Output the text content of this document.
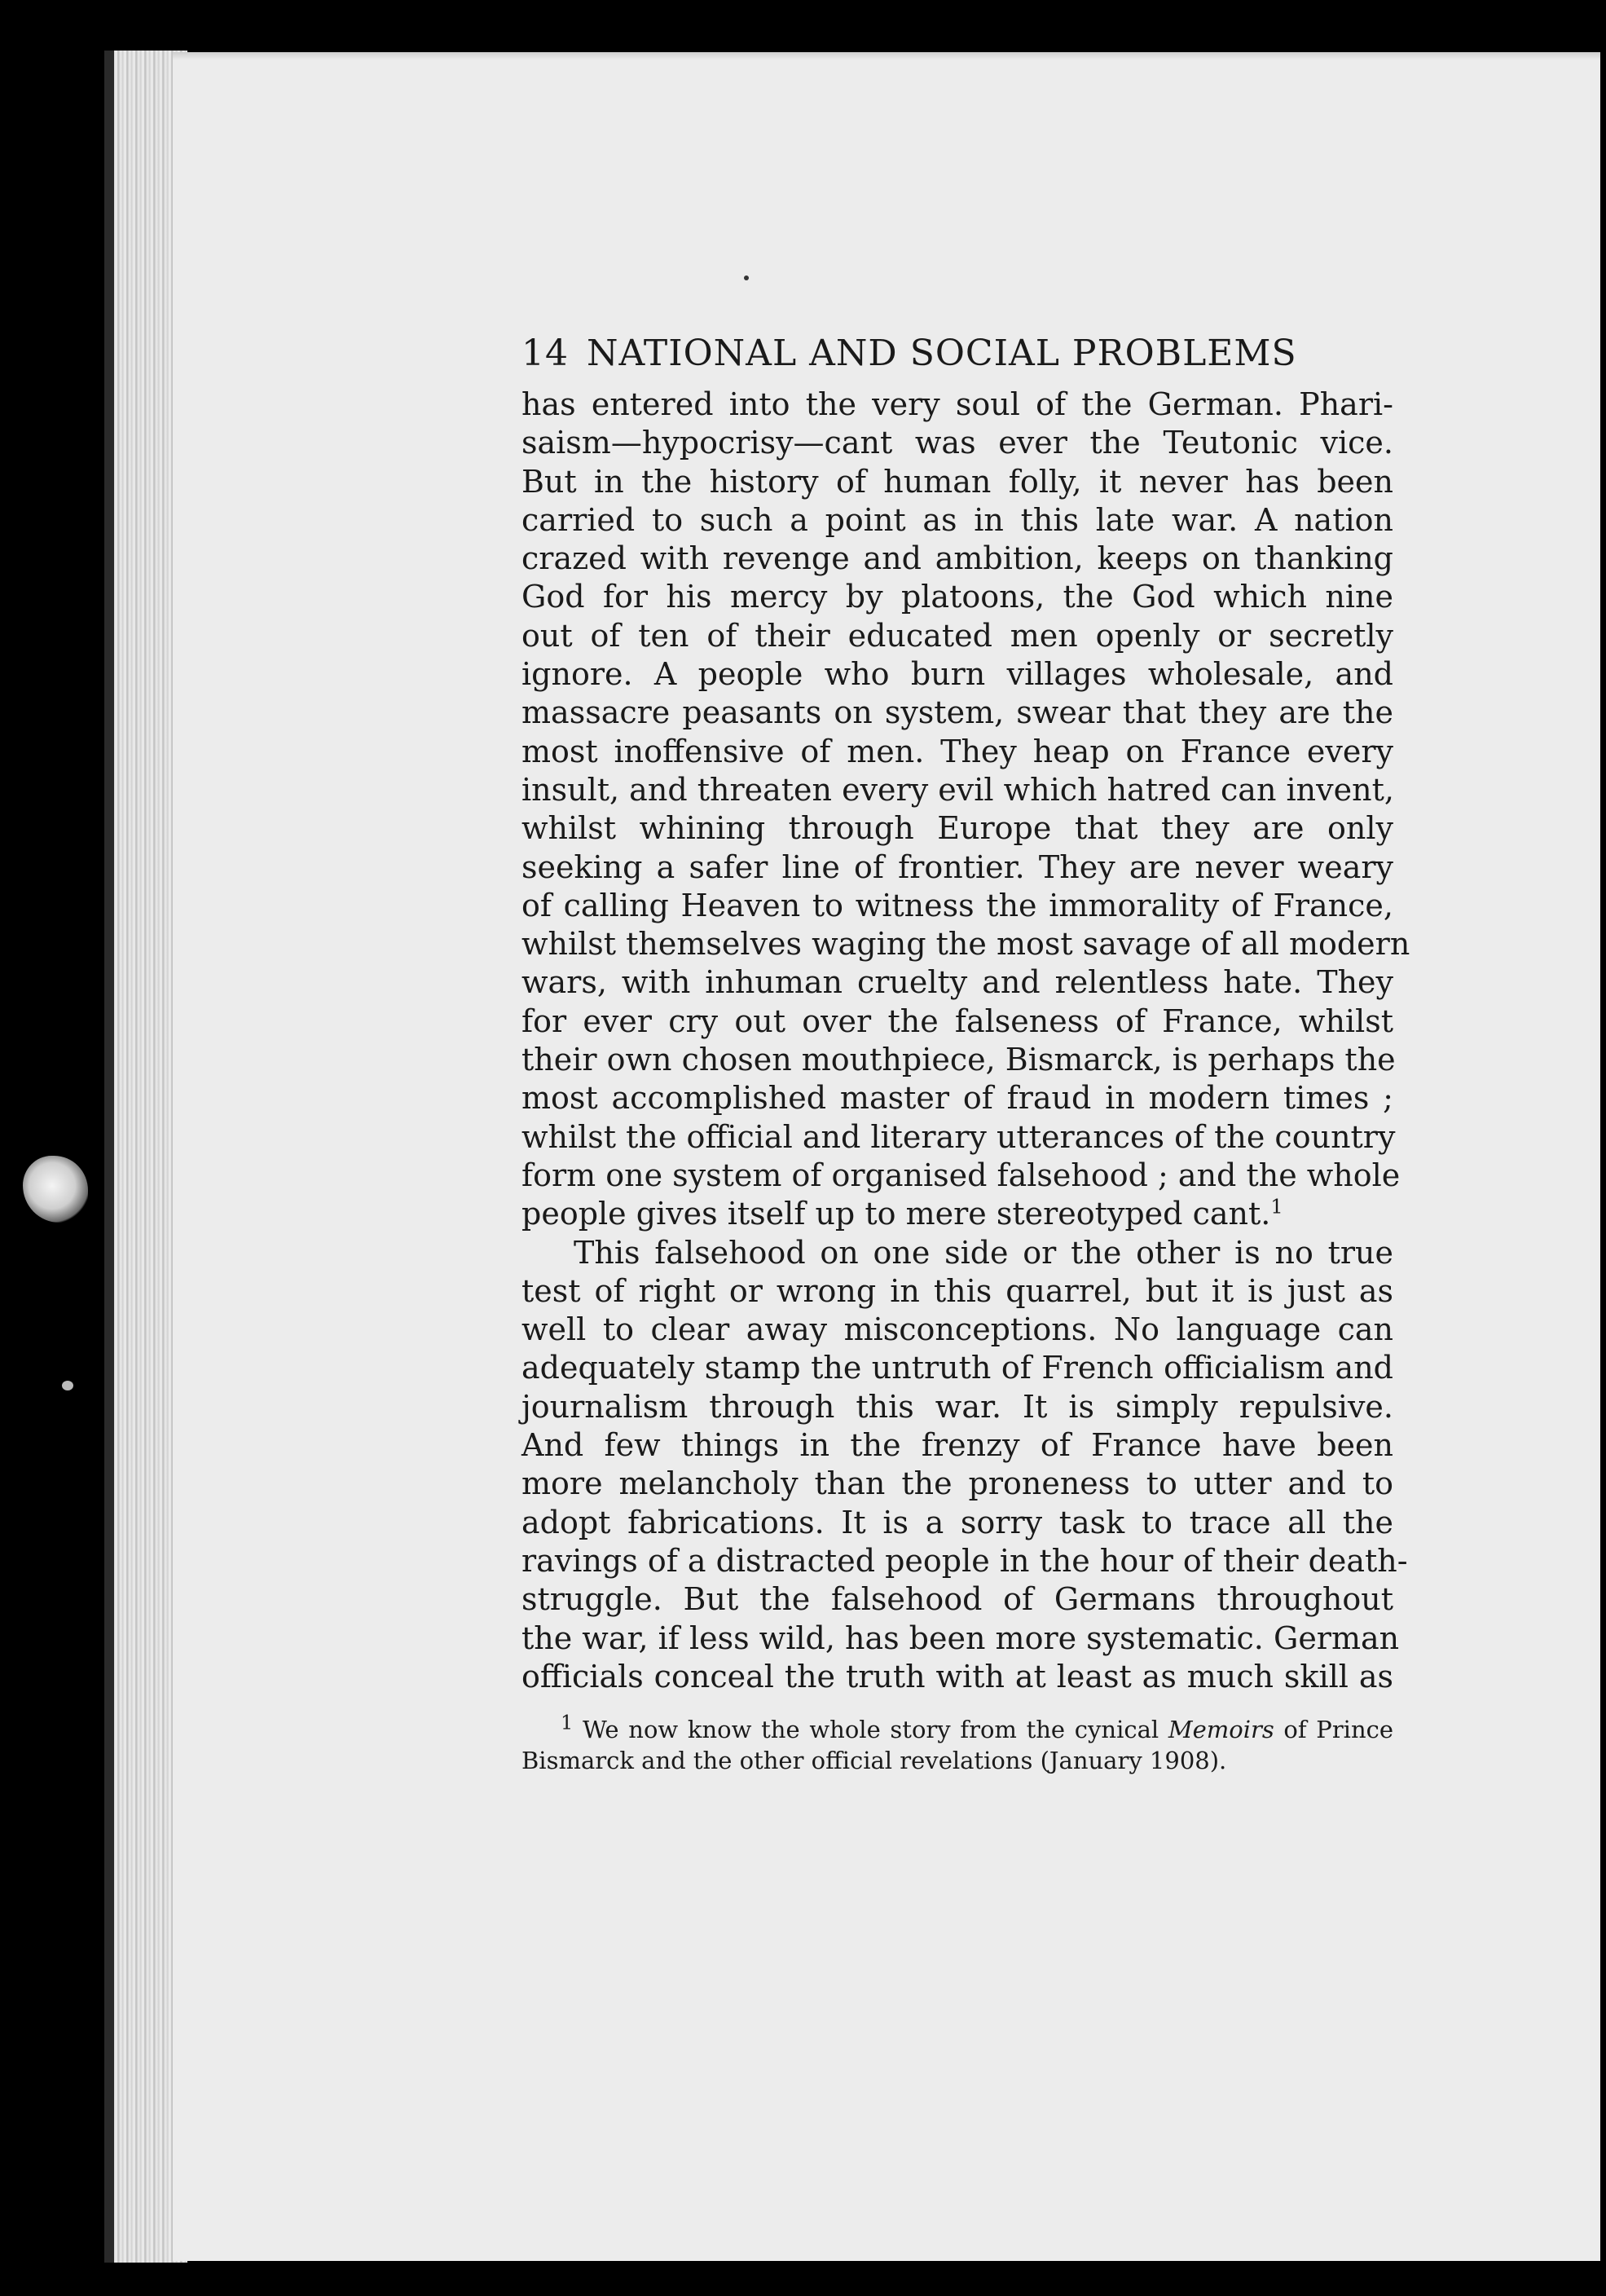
14 NATIONAL AND SOCIAL PROBLEMS
has entered into the very soul of the German. Phari-
saism—hypocrisy—cant was ever the Teutonic vice.
But in the history of human folly, it never has been
carried to such a point as in this late war. A nation
crazed with revenge and ambition, keeps on thanking
God for his mercy by platoons, the God which nine
out of ten of their educated men openly or secretly
ignore. A people who burn villages wholesale, and
massacre peasants on system, swear that they are the
most inoffensive of men. They heap on France every
insult, and threaten every evil which hatred can invent,
whilst whining through Europe that they are only
seeking a safer line of frontier. They are never weary
of calling Heaven to witness the immorality of France,
whilst themselves waging the most savage of all modern
wars, with inhuman cruelty and relentless hate. They
for ever cry out over the falseness of France, whilst
their own chosen mouthpiece, Bismarck, is perhaps the
most accomplished master of fraud in modern times ;
whilst the official and literary utterances of the country
form one system of organised falsehood ; and the whole
people gives itself up to mere stereotyped cant.$^1$
This falsehood on one side or the other is no true
test of right or wrong in this quarrel, but it is just as
well to clear away misconceptions. No language can
adequately stamp the untruth of French officialism and
journalism through this war. It is simply repulsive.
And few things in the frenzy of France have been
more melancholy than the proneness to utter and to
adopt fabrications. It is a sorry task to trace all the
ravings of a distracted people in the hour of their death-
struggle. But the falsehood of Germans throughout
the war, if less wild, has been more systematic. German
officials conceal the truth with at least as much skill as
$^1$ We now know the whole story from the cynical Memoirs of Prince
Bismarck and the other official revelations (January 1908).
